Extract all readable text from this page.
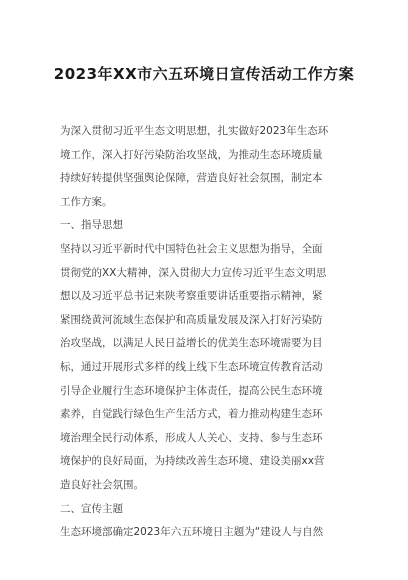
2023年XX市六五环境日宣传活动工作方案
为深入贯彻习近平生态文明思想，扎实做好2023年生态环
境工作，深入打好污染防治攻坚战，为推动生态环境质量
持续好转提供坚强舆论保障，营造良好社会氛围，制定本
工作方案。
一、指导思想
坚持以习近平新时代中国特色社会主义思想为指导，全面
贯彻党的XX大精神，深入贯彻大力宣传习近平生态文明思
想以及习近平总书记来陕考察重要讲话重要指示精神，紧
紧围绕黄河流域生态保护和高质量发展及深入打好污染防
治攻坚战，以满足人民日益增长的优美生态环境需要为目
标，通过开展形式多样的线上线下生态环境宣传教育活动
引导企业履行生态环境保护主体责任，提高公民生态环境
素养，自觉践行绿色生产生活方式，着力推动构建生态环
境治理全民行动体系，形成人人关心、支持、参与生态环
境保护的良好局面，为持续改善生态环境、建设美丽xx营
造良好社会氛围。
二、宣传主题
生态环境部确定2023年六五环境日主题为“建设人与自然
